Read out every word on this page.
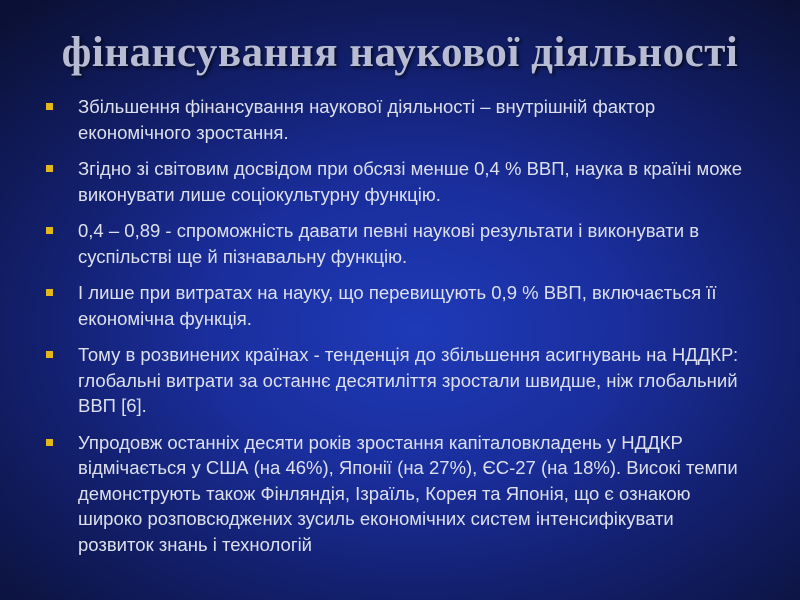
фінансування наукової діяльності
Збільшення фінансування наукової діяльності – внутрішній фактор економічного зростання.
Згідно зі світовим досвідом при обсязі менше 0,4 % ВВП, наука в країні може виконувати лише соціокультурну функцію.
0,4 – 0,89 - спроможність давати певні наукові результати і виконувати в суспільстві ще й пізнавальну функцію.
І лише при витратах на науку, що перевищують 0,9 % ВВП, включається її економічна функція.
Тому в розвинених країнах - тенденція до збільшення асигнувань на НДДКР: глобальні витрати за останнє десятиліття зростали швидше, ніж глобальний ВВП [6].
Упродовж останніх десяти років зростання капіталовкладень у НДДКР відмічається у США (на 46%), Японії (на 27%), ЄС-27 (на 18%). Високі темпи демонструють також Фінляндія, Ізраїль, Корея та Японія, що є ознакою широко розповсюджених зусиль економічних систем інтенсифікувати розвиток знань і технологій
